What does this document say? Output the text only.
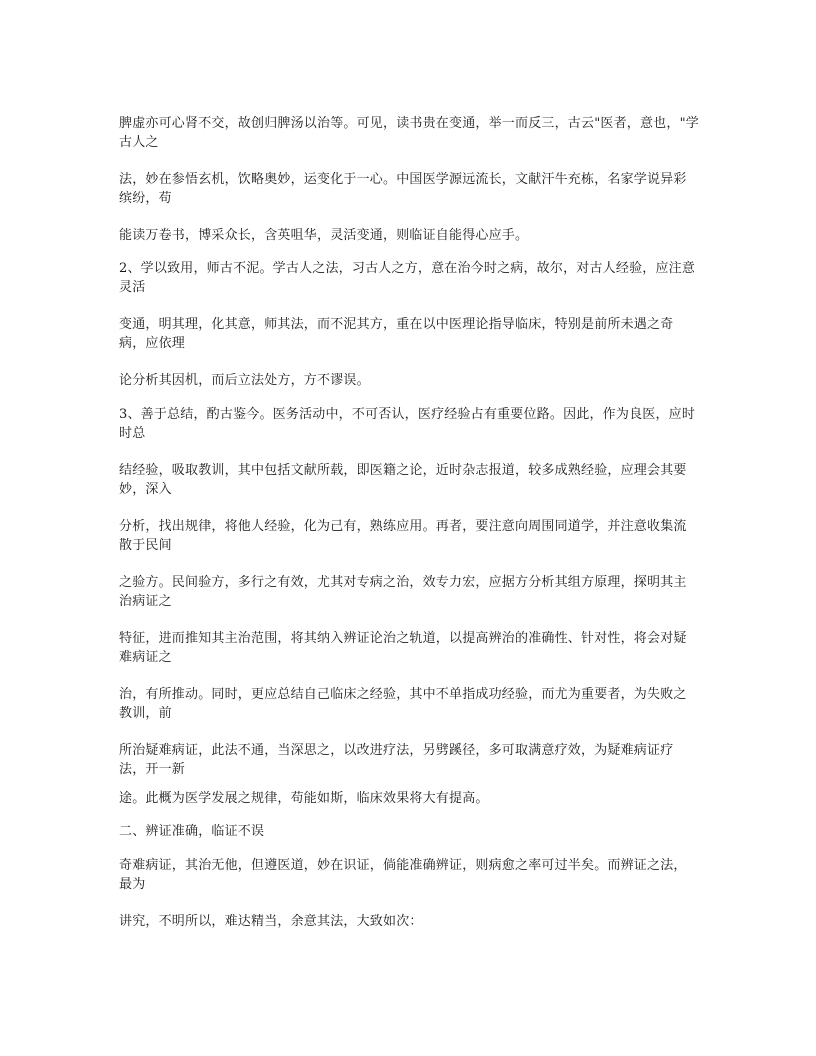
脾虚亦可心肾不交，故创归脾汤以治等。可见，读书贵在变通，举一而反三，古云"医者，意也，"学古人之

法，妙在参悟玄机，饮略奥妙，运变化于一心。中国医学源远流长，文献汗牛充栋，名家学说异彩缤纷，苟

能读万卷书，博采众长，含英咀华，灵活变通，则临证自能得心应手。

2、学以致用，师古不泥。学古人之法，习古人之方，意在治今时之病，故尔，对古人经验，应注意灵活

变通，明其理，化其意，师其法，而不泥其方，重在以中医理论指导临床，特别是前所未遇之奇病，应依理

论分析其因机，而后立法处方，方不谬误。

3、善于总结，酌古鉴今。医务活动中，不可否认，医疗经验占有重要位路。因此，作为良医，应时时总

结经验，吸取教训，其中包括文献所载，即医籍之论，近时杂志报道，较多成熟经验，应理会其要妙，深入

分析，找出规律，将他人经验，化为己有，熟练应用。再者，要注意向周围同道学，并注意收集流散于民间

之验方。民间验方，多行之有效，尤其对专病之治，效专力宏，应据方分析其组方原理，探明其主治病证之

特征，进而推知其主治范围，将其纳入辨证论治之轨道，以提高辨治的准确性、针对性，将会对疑难病证之

治，有所推动。同时，更应总结自己临床之经验，其中不单指成功经验，而尤为重要者，为失败之教训，前

所治疑难病证，此法不通，当深思之，以改进疗法，另劈蹊径，多可取满意疗效，为疑难病证疗法，开一新

途。此概为医学发展之规律，苟能如斯，临床效果将大有提高。

二、辨证准确，临证不误

奇难病证，其治无他，但遵医道，妙在识证，倘能准确辨证，则病愈之率可过半矣。而辨证之法，最为

讲究，不明所以，难达精当，余意其法，大致如次：
